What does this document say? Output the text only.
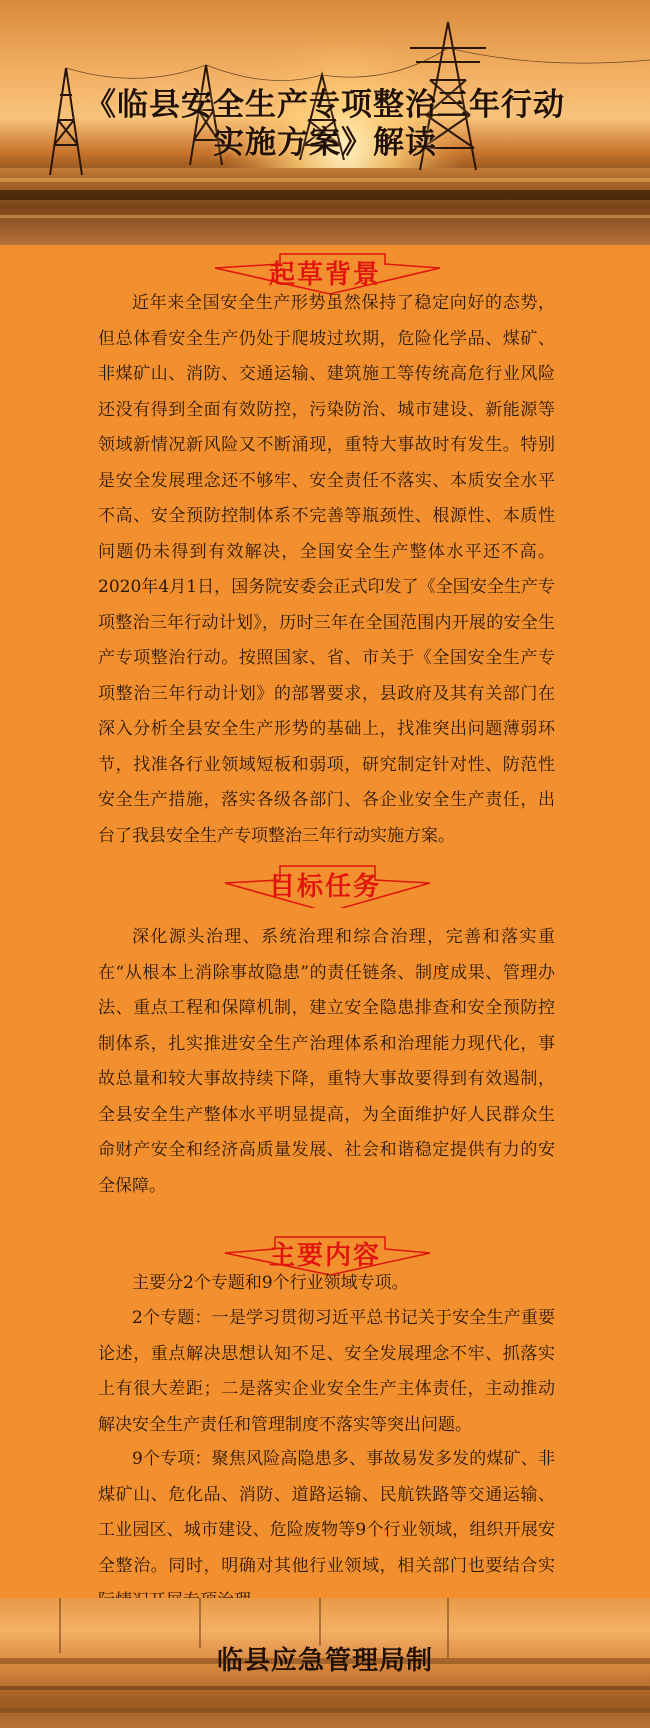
《临县安全生产专项整治三年行动
实施方案》解读
起草背景

近年来全国安全生产形势虽然保持了稳定向好的态势，但总体看安全生产仍处于爬坡过坎期，危险化学品、煤矿、非煤矿山、消防、交通运输、建筑施工等传统高危行业风险还没有得到全面有效防控，污染防治、城市建设、新能源等领域新情况新风险又不断涌现，重特大事故时有发生。特别是安全发展理念还不够牢、安全责任不落实、本质安全水平不高、安全预防控制体系不完善等瓶颈性、根源性、本质性问题仍未得到有效解决，全国安全生产整体水平还不高。2020年4月1日，国务院安委会正式印发了《全国安全生产专项整治三年行动计划》，历时三年在全国范围内开展的安全生产专项整治行动。按照国家、省、市关于《全国安全生产专项整治三年行动计划》的部署要求，县政府及其有关部门在深入分析全县安全生产形势的基础上，找准突出问题薄弱环节，找准各行业领域短板和弱项，研究制定针对性、防范性安全生产措施，落实各级各部门、各企业安全生产责任，出台了我县安全生产专项整治三年行动实施方案。

目标任务

深化源头治理、系统治理和综合治理，完善和落实重在“从根本上消除事故隐患”的责任链条、制度成果、管理办法、重点工程和保障机制，建立安全隐患排查和安全预防控制体系，扎实推进安全生产治理体系和治理能力现代化，事故总量和较大事故持续下降，重特大事故要得到有效遏制，全县安全生产整体水平明显提高，为全面维护好人民群众生命财产安全和经济高质量发展、社会和谐稳定提供有力的安全保障。

主要内容

主要分2个专题和9个行业领域专项。

2个专题：一是学习贯彻习近平总书记关于安全生产重要论述，重点解决思想认知不足、安全发展理念不牢、抓落实上有很大差距；二是落实企业安全生产主体责任，主动推动解决安全生产责任和管理制度不落实等突出问题。

9个专项：聚焦风险高隐患多、事故易发多发的煤矿、非煤矿山、危化品、消防、道路运输、民航铁路等交通运输、工业园区、城市建设、危险废物等9个行业领域，组织开展安全整治。同时，明确对其他行业领域，相关部门也要结合实

临县应急管理局制
